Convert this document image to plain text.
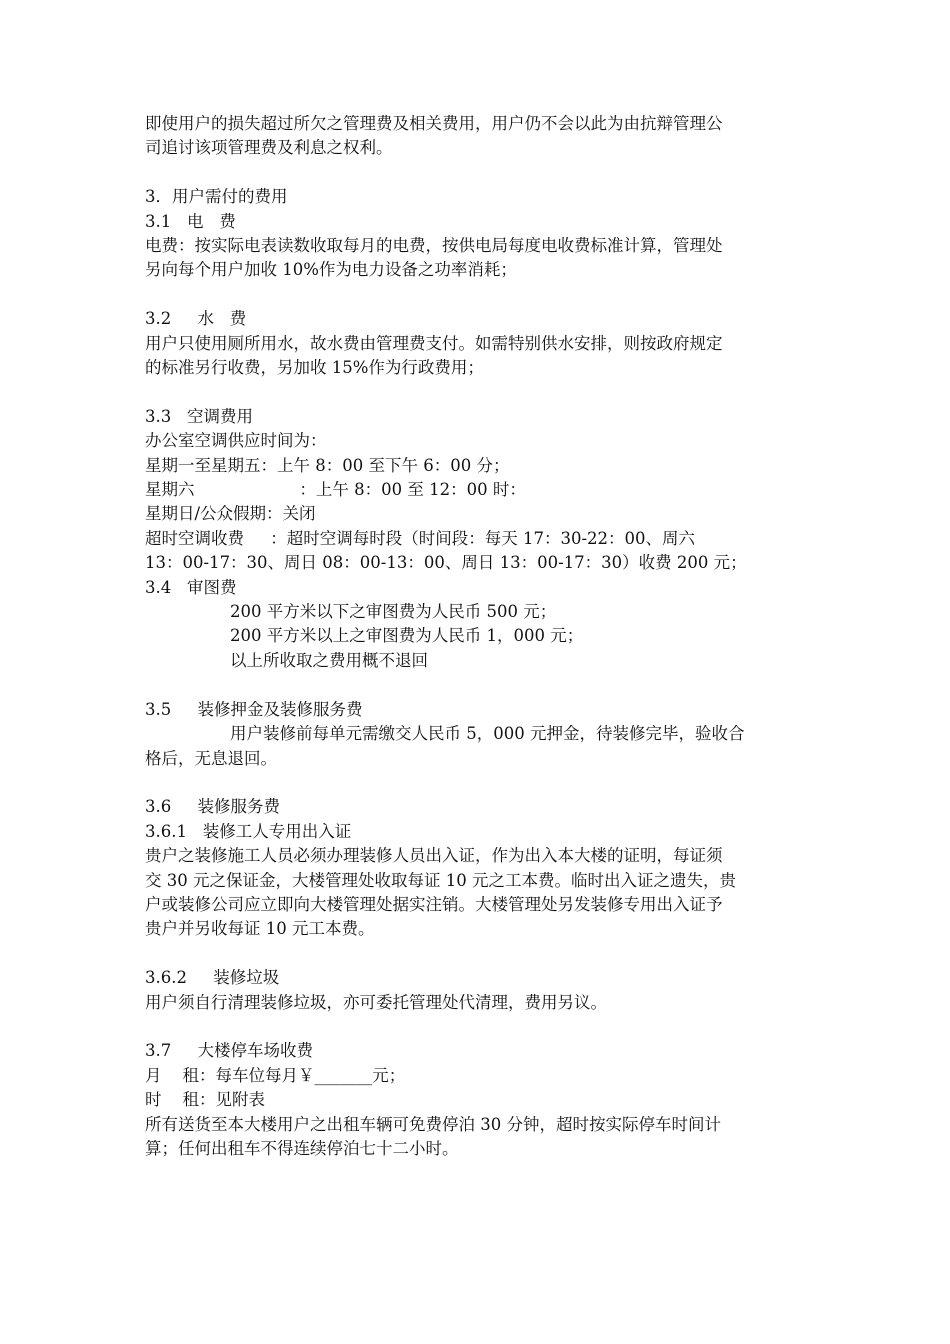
即使用户的损失超过所欠之管理费及相关费用，用户仍不会以此为由抗辩管理公

司追讨该项管理费及利息之权利。

3．用户需付的费用

3.1   电   费

电费：按实际电表读数收取每月的电费，按供电局每度电收费标准计算，管理处

另向每个用户加收 10%作为电力设备之功率消耗；

3.2     水   费

用户只使用厕所用水，故水费由管理费支付。如需特别供水安排，则按政府规定

的标准另行收费，另加收 15%作为行政费用；

3.3   空调费用

办公室空调供应时间为：

星期一至星期五：上午 8：00 至下午 6：00 分；

星期六                    ：上午 8：00 至 12：00 时：

星期日/公众假期：关闭

超时空调收费     ：超时空调每时段（时间段：每天 17：30-22：00、周六

13：00-17：30、周日 08：00-13：00、周日 13：00-17：30）收费 200 元；

3.4   审图费

200 平方米以下之审图费为人民币 500 元；

200 平方米以上之审图费为人民币 1，000 元；

以上所收取之费用概不退回

3.5     装修押金及装修服务费

用户装修前每单元需缴交人民币 5，000 元押金，待装修完毕，验收合

格后，无息退回。

3.6     装修服务费

3.6.1   装修工人专用出入证

贵户之装修施工人员必须办理装修人员出入证，作为出入本大楼的证明，每证须

交 30 元之保证金，大楼管理处收取每证 10 元之工本费。临时出入证之遗失，贵

户或装修公司应立即向大楼管理处据实注销。大楼管理处另发装修专用出入证予

贵户并另收每证 10 元工本费。

3.6.2     装修垃圾

用户须自行清理装修垃圾，亦可委托管理处代清理，费用另议。

3.7     大楼停车场收费

月    租：每车位每月￥_______元；

时    租：见附表

所有送货至本大楼用户之出租车辆可免费停泊 30 分钟，超时按实际停车时间计

算；任何出租车不得连续停泊七十二小时。
